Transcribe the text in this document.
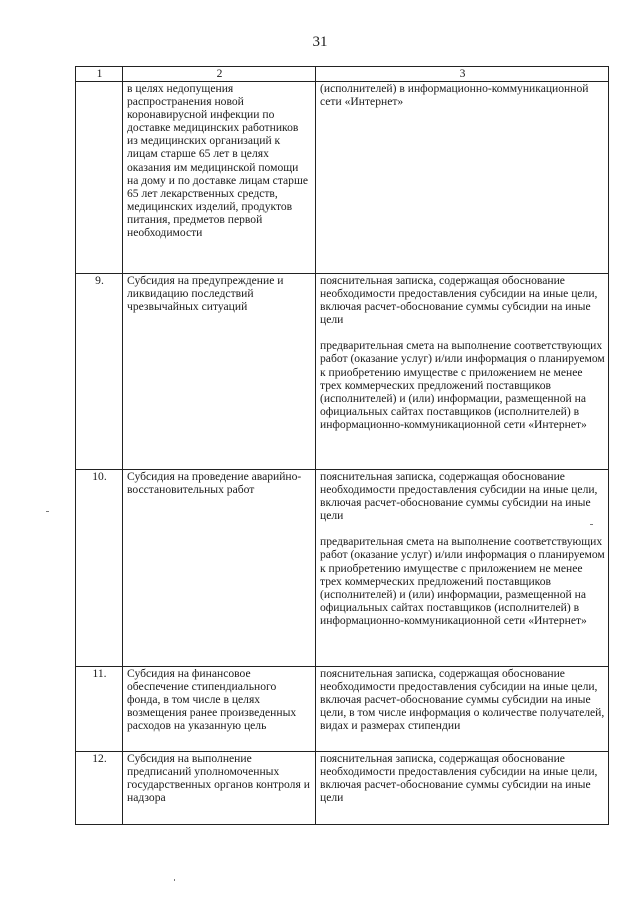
31
1	2	3
	в целях недопущения распространения новой коронавирусной инфекции по доставке медицинских работников из медицинских организаций к лицам старше 65 лет в целях оказания им медицинской помощи на дому и по доставке лицам старше 65 лет лекарственных средств, медицинских изделий, продуктов питания, предметов первой необходимости	(исполнителей) в информационно-коммуникационной сети «Интернет»

9.	Субсидия на предупреждение и ликвидацию последствий чрезвычайных ситуаций	пояснительная записка, содержащая обоснование необходимости предоставления субсидии на иные цели, включая расчет-обоснование суммы субсидии на иные цели
предварительная смета на выполнение соответствующих работ (оказание услуг) и/или информация о планируемом к приобретению имуществе с приложением не менее трех коммерческих предложений поставщиков (исполнителей) и (или) информации, размещенной на официальных сайтах поставщиков (исполнителей) в информационно-коммуникационной сети «Интернет»

10.	Субсидия на проведение аварийно-восстановительных работ	пояснительная записка, содержащая обоснование необходимости предоставления субсидии на иные цели, включая расчет-обоснование суммы субсидии на иные цели
предварительная смета на выполнение соответствующих работ (оказание услуг) и/или информация о планируемом к приобретению имуществе с приложением не менее трех коммерческих предложений поставщиков (исполнителей) и (или) информации, размещенной на официальных сайтах поставщиков (исполнителей) в информационно-коммуникационной сети «Интернет»

11.	Субсидия на финансовое обеспечение стипендиального фонда, в том числе в целях возмещения ранее произведенных расходов на указанную цель	пояснительная записка, содержащая обоснование необходимости предоставления субсидии на иные цели, включая расчет-обоснование суммы субсидии на иные цели, в том числе информация о количестве получателей, видах и размерах стипендии

12.	Субсидия на выполнение предписаний уполномоченных государственных органов контроля и надзора	пояснительная записка, содержащая обоснование необходимости предоставления субсидии на иные цели, включая расчет-обоснование суммы субсидии на иные цели
